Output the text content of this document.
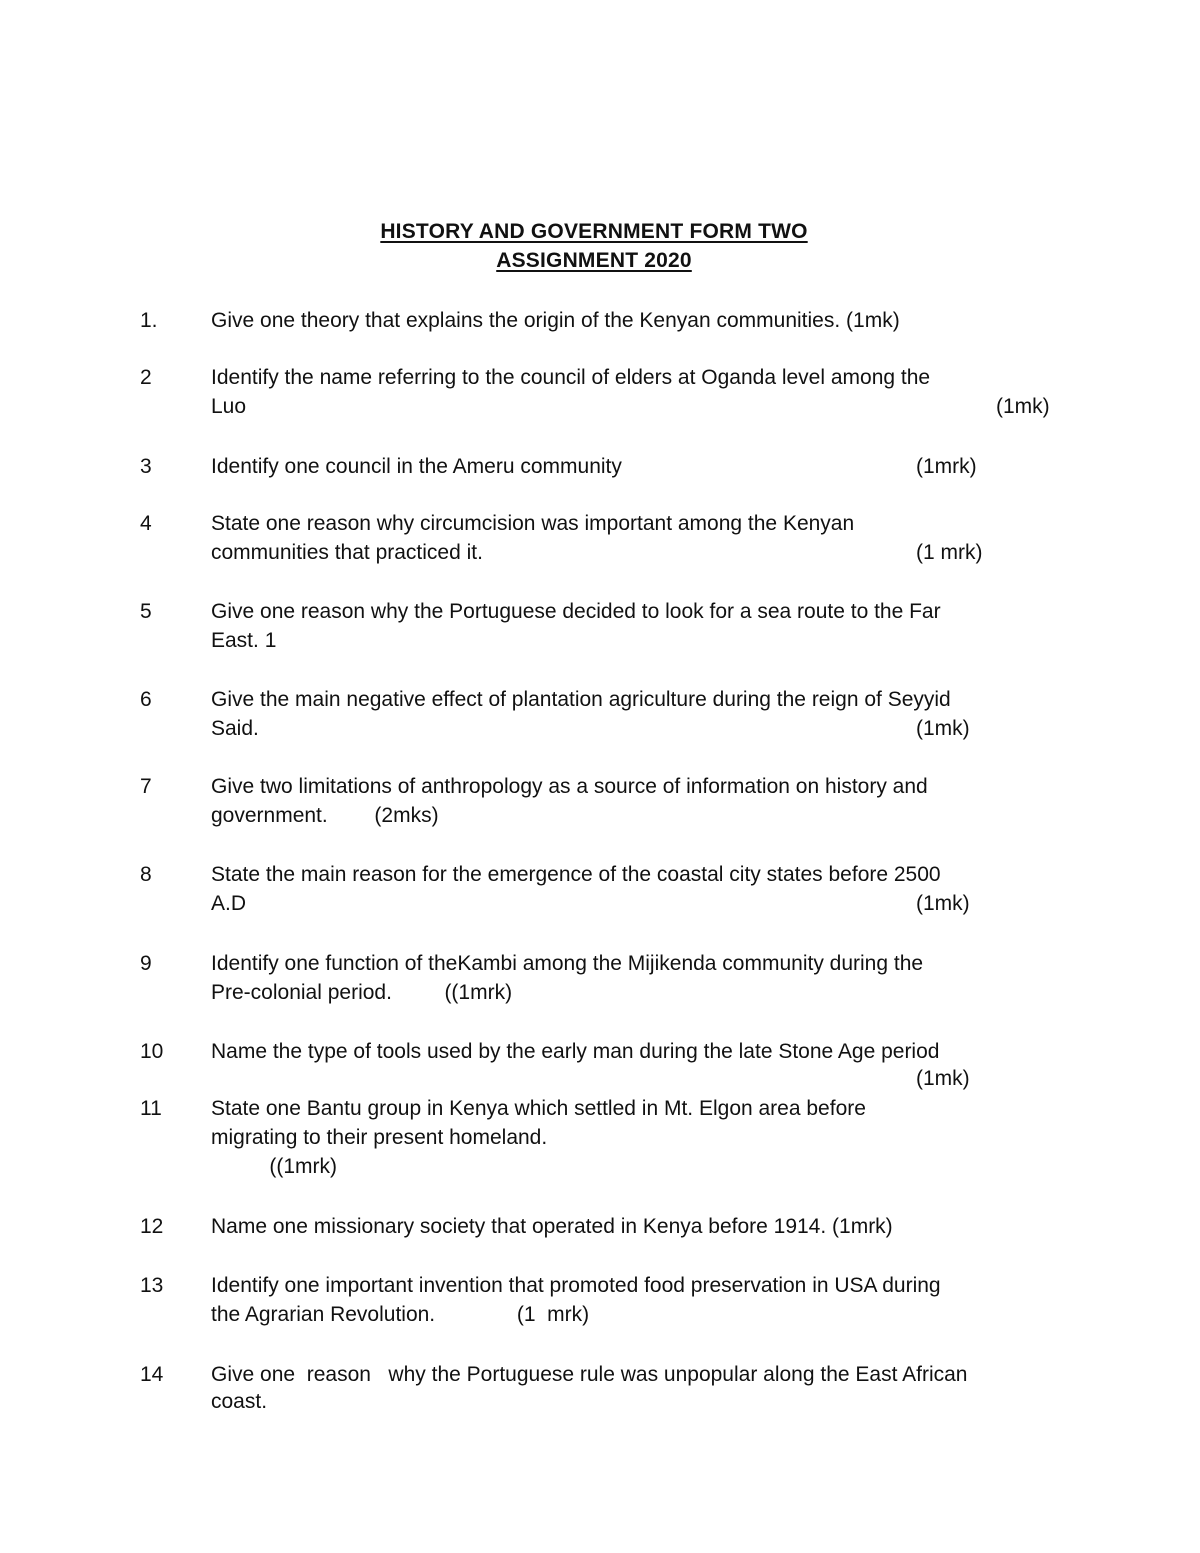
HISTORY AND GOVERNMENT FORM TWO
ASSIGNMENT 2020
1.	Give one theory that explains the origin of the Kenyan communities. (1mk)
2	Identify the name referring to the council of elders at Oganda level among the
Luo	(1mk)
3	Identify one council in the Ameru community	(1mrk)
4	State one reason why circumcision was important among the Kenyan
communities that practiced it.	(1 mrk)
5	Give one reason why the Portuguese decided to look for a sea route to the Far
East. 1
6	Give the main negative effect of plantation agriculture during the reign of Seyyid
Said.	(1mk)
7	Give two limitations of anthropology as a source of information on history and
government.        (2mks)
8	State the main reason for the emergence of the coastal city states before 2500
A.D	(1mk)
9	Identify one function of theKambi among the Mijikenda community during the
Pre-colonial period.         ((1mrk)
10 Name the type of tools used by the early man during the late Stone Age period
(1mk)
11 State one Bantu group in Kenya which settled in Mt. Elgon area before
migrating to their present homeland.
((1mrk)
12 Name one missionary society that operated in Kenya before 1914. (1mrk)
13 Identify one important invention that promoted food preservation in USA during
the Agrarian Revolution.              (1  mrk)
14 Give one  reason   why the Portuguese rule was unpopular along the East African
coast.
